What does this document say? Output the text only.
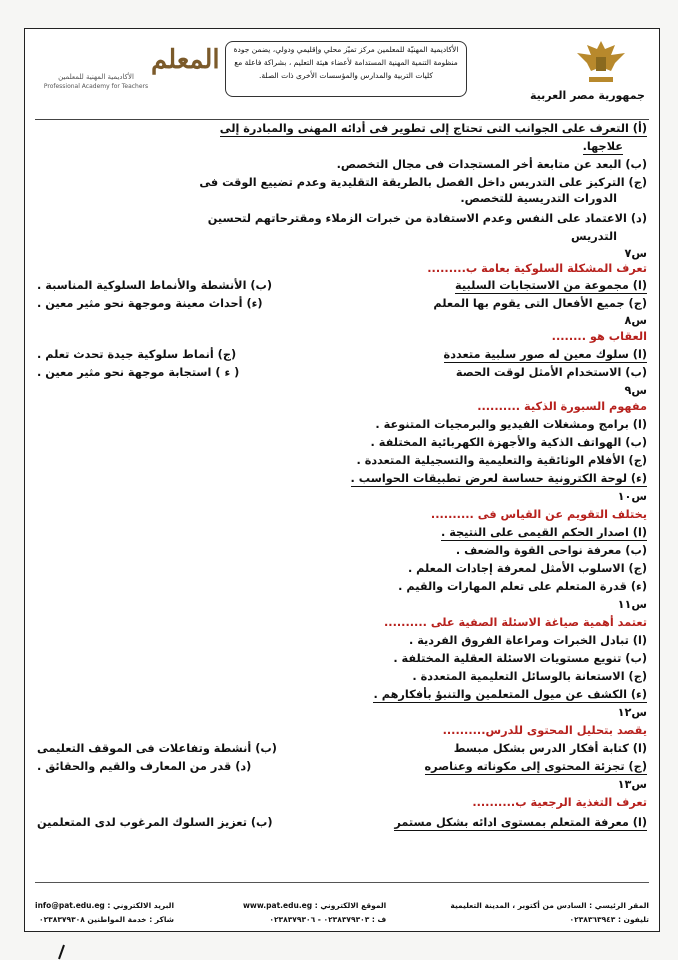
جمهورية مصر العربية
الأكاديمية المهنيّة للمعلمين مركز تميّز محلي وإقليمي ودولي، يضمن جودة منظومة التنمية المهنية المستدامة لأعضاء هيئة التعليم ، بشراكة فاعلة مع كليات التربية والمدارس والمؤسسات الأخرى ذات الصلة.
المعلم
الأكاديمية المهنية للمعلمين
Professional Academy for Teachers
(أ) التعرف على الجوانب التى تحتاج إلى تطوير فى أدائه المهنى والمبادرة إلى
علاجها.
(ب) البعد عن متابعة أخر المستجدات فى مجال التخصص.
(ج) التركيز على التدريس داخل الفصل بالطريقة التقليدية وعدم تضييع الوقت فى
الدورات التدريسية للتخصص.
(د) الاعتماد على النفس وعدم الاستفادة من خبرات الزملاء ومقترحاتهم لتحسين
التدريس
س٧
تعرف المشكلة السلوكية بعامة ب.........
(ا) مجموعة من الاستجابات السلبية
(ب) الأنشطة والأنماط السلوكية المناسبة .
(ج) جميع الأفعال التى يقوم بها المعلم
(ء) أحداث معينة وموجهة نحو مثير معين .
س٨
العقاب هو ........
(ا) سلوك معين له صور سلبية متعددة
(ج) أنماط سلوكية جيدة تحدث تعلم .
(ب) الاستخدام الأمثل لوقت الحصة
( ء ) استجابة موجهة نحو مثير معين .
س٩
مفهوم السبورة الذكية ..........
(ا) برامج ومشغلات الفيديو والبرمجيات المتنوعة .
(ب) الهواتف الذكية والأجهزة الكهربائية المختلفة .
(ج) الأفلام الوثائقية والتعليمية والتسجيلية المتعددة .
(ء) لوحة الكترونية حساسة لعرض تطبيقات الحواسب .
س١٠
يختلف التقويم عن القياس فى ..........
(ا) اصدار الحكم القيمى على النتيجة .
(ب) معرفة نواحى القوة والضعف .
(ج) الاسلوب الأمثل لمعرفة إجادات المعلم .
(ء) قدرة المتعلم على تعلم المهارات والقيم .
س١١
تعتمد أهمية صياغة الاسئلة الصفية على ..........
(ا) تبادل الخبرات ومراعاة الفروق الفردية .
(ب) تنويع مستويات الاسئلة العقلية المختلفة .
(ج) الاستعانة بالوسائل التعليمية المتعددة .
(ء) الكشف عن ميول المتعلمين والتنبؤ بأفكارهم .
س١٢
يقصد بتحليل المحتوى للدرس..........
(ا) كتابة أفكار الدرس بشكل مبسط
(ب) أنشطة وتفاعلات فى الموقف التعليمى
(ج) تجزئة المحتوى إلى مكوناته وعناصره
(د) قدر من المعارف والقيم والحقائق .
س١٣
تعرف التغذية الرجعية ب..........
(ا) معرفة المتعلم بمستوى ادائه بشكل مستمر
(ب) تعزيز السلوك المرغوب لدى المتعلمين
المقر الرئيسي : السادس من أكتوبر ، المدينة التعليمية
تليفون : ٠٢٣٨٣٦٣٩٤٣
الموقع الالكتروني : www.pat.edu.eg
ف : ٠٢٣٨٣٧٩٣٠٣ - ٠٢٣٨٣٧٩٣٠٦
البريد الالكتروني : info@pat.edu.eg
شاكر : خدمة المواطنين ٠٢٣٨٣٧٩٣٠٨
